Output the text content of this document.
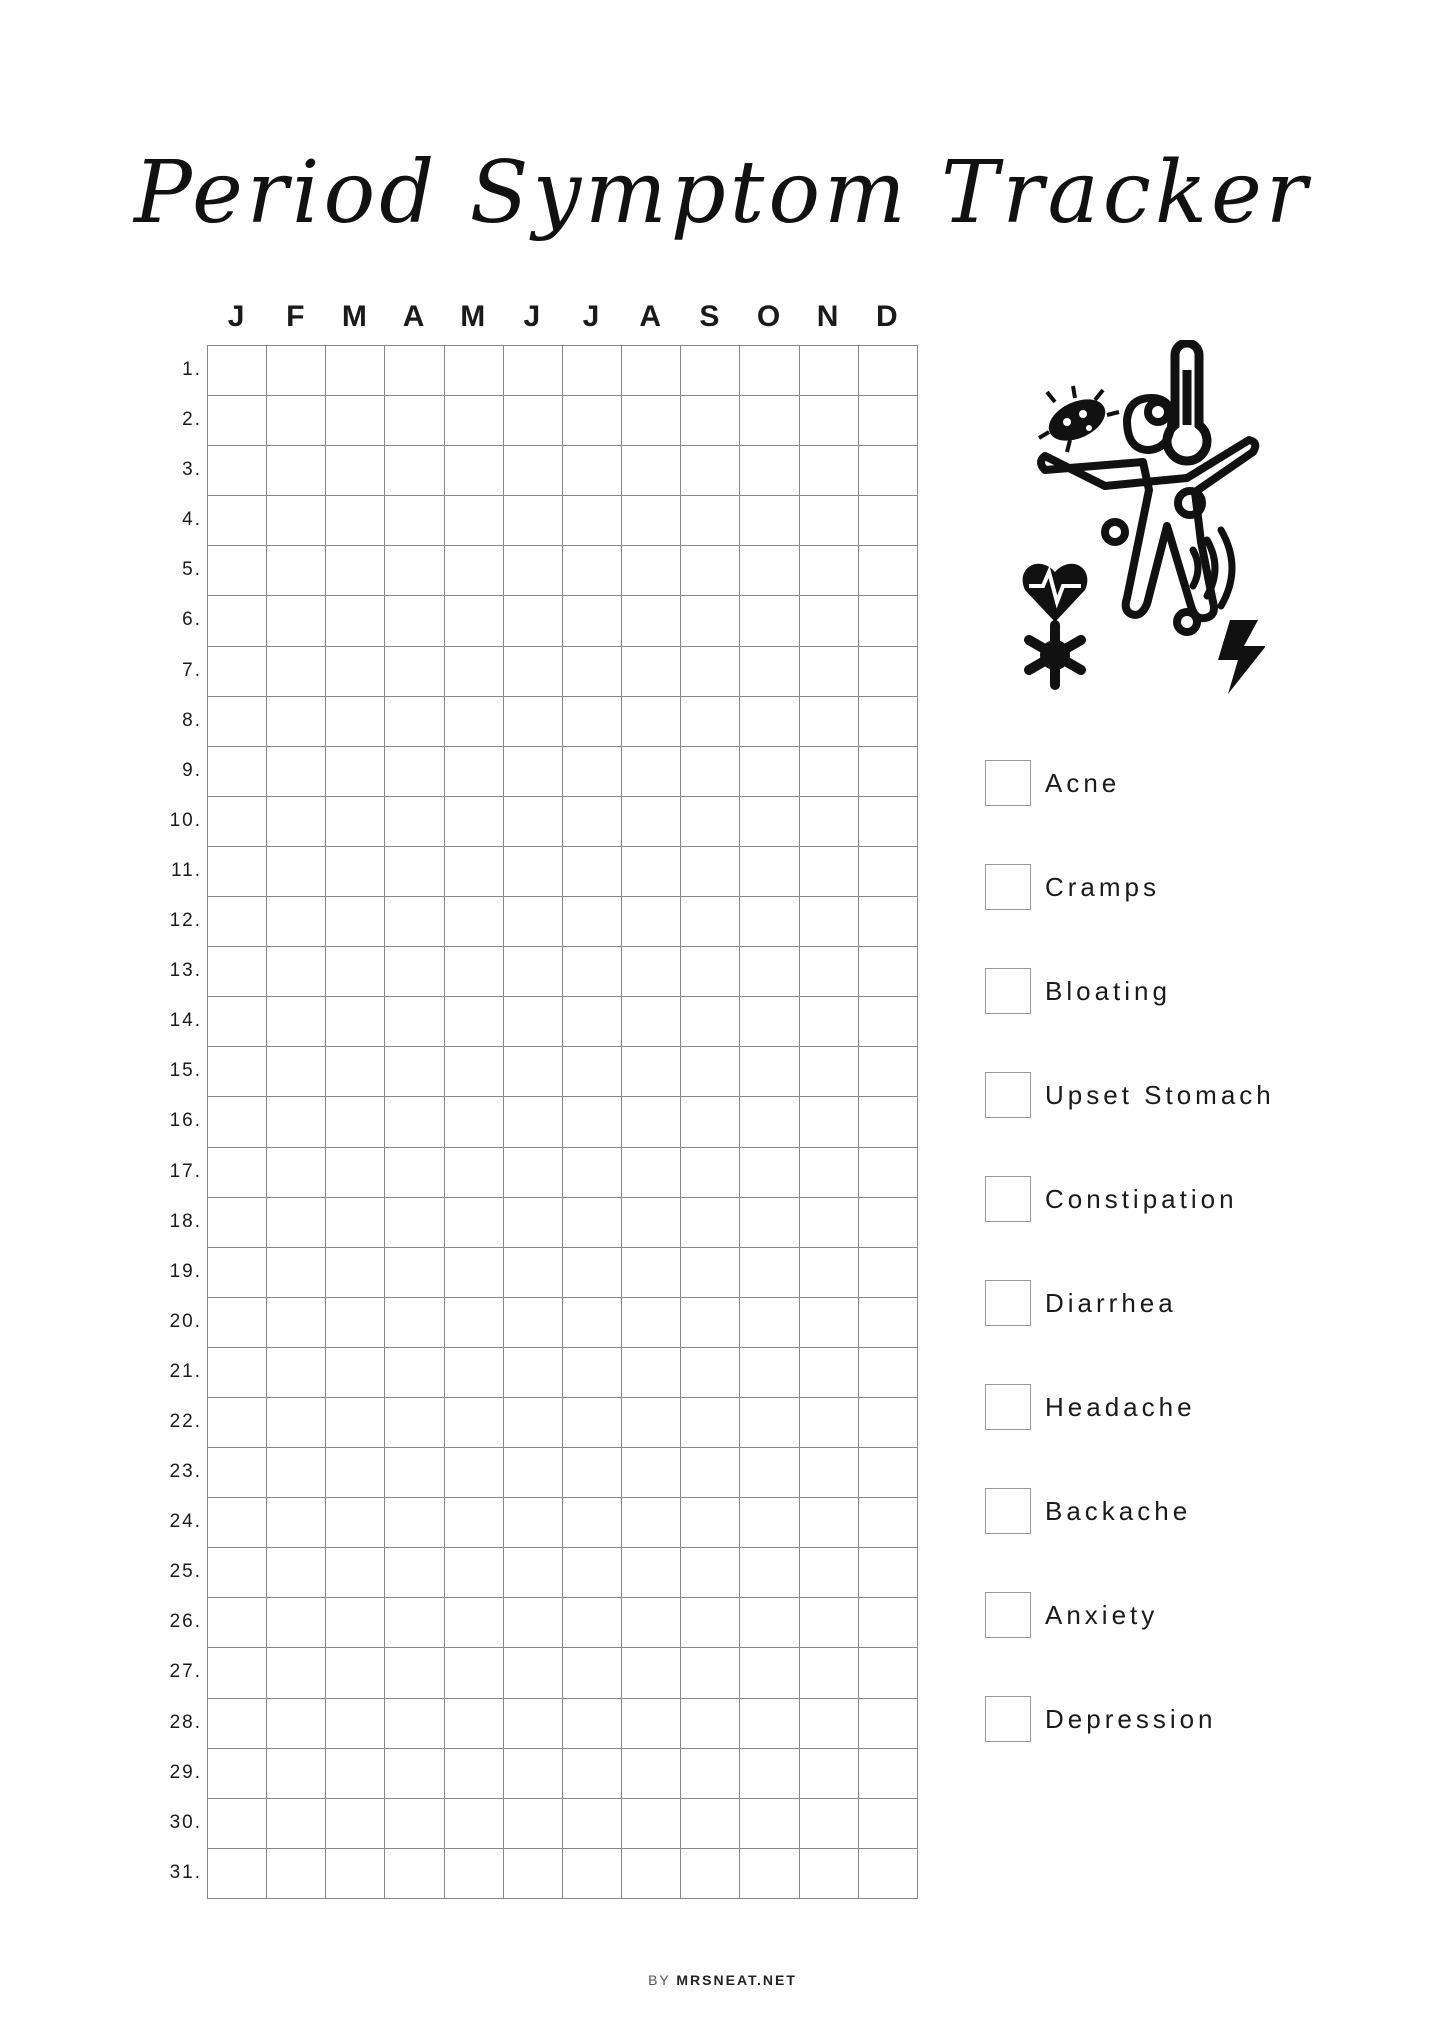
Period Symptom Tracker
J	F	M	A	M	J	J	A	S	O	N	D
1.
2.
3.
4.
5.
6.
7.
8.
9.
10.
11.
12.
13.
14.
15.
16.
17.
18.
19.
20.
21.
22.
23.
24.
25.
26.
27.
28.
29.
30.
31.
Acne
Cramps
Bloating
Upset Stomach
Constipation
Diarrhea
Headache
Backache
Anxiety
Depression
BY MRSNEAT.NET
